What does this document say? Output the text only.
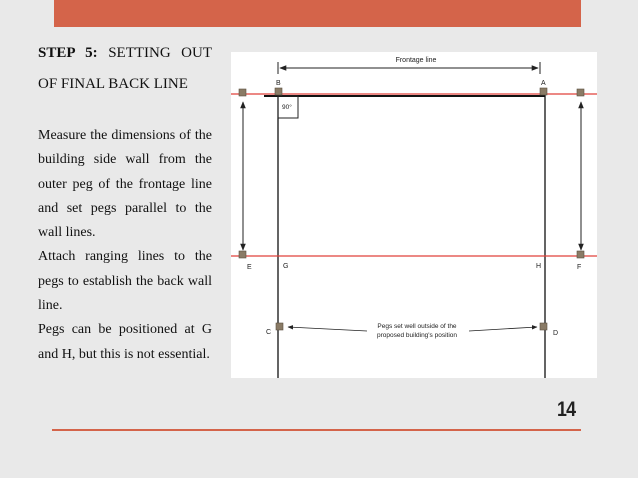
STEP 5: SETTING OUT
OF FINAL BACK LINE

Measure the dimensions of the building side wall from the outer peg of the frontage line and set pegs parallel to the wall lines.

Attach ranging lines to the pegs to establish the back wall line.

Pegs can be positioned at G and H, but this is not essential.

Frontage line
90°
B	A
E	F
G	H
C	D
Pegs set well outside of the
proposed building's position
14
